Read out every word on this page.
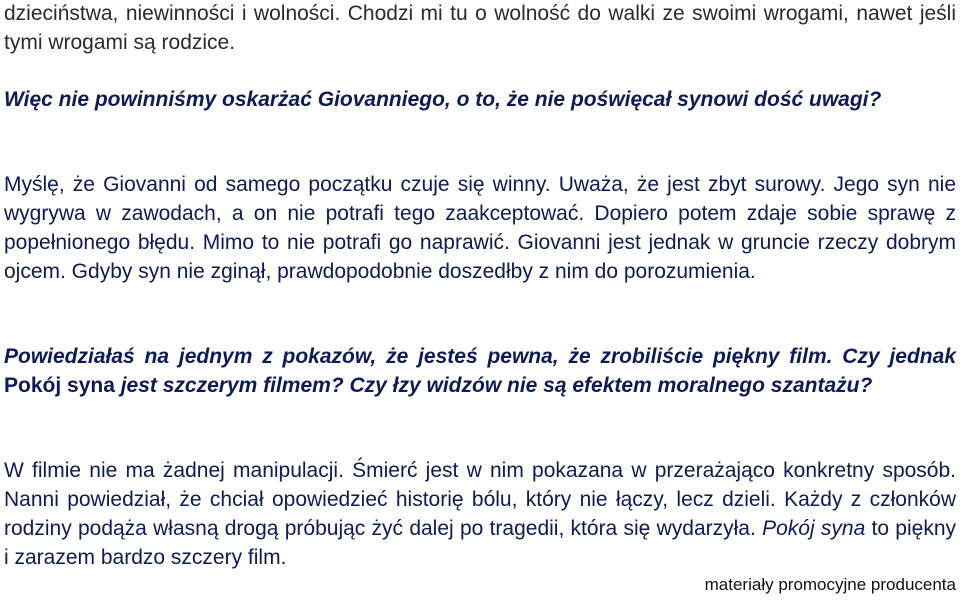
dzieciństwa, niewinności i wolności. Chodzi mi tu o wolność do walki ze swoimi wrogami, nawet jeśli tymi wrogami są rodzice.

Więc nie powinniśmy oskarżać Giovanniego, o to, że nie poświęcał synowi dość uwagi?

Myślę, że Giovanni od samego początku czuje się winny. Uważa, że jest zbyt surowy. Jego syn nie wygrywa w zawodach, a on nie potrafi tego zaakceptować. Dopiero potem zdaje sobie sprawę z popełnionego błędu. Mimo to nie potrafi go naprawić. Giovanni jest jednak w gruncie rzeczy dobrym ojcem. Gdyby syn nie zginął, prawdopodobnie doszedłby z nim do porozumienia.

Powiedziałaś na jednym z pokazów, że jesteś pewna, że zrobiliście piękny film. Czy jednak Pokój syna jest szczerym filmem? Czy łzy widzów nie są efektem moralnego szantażu?

W filmie nie ma żadnej manipulacji. Śmierć jest w nim pokazana w przerażająco konkretny sposób. Nanni powiedział, że chciał opowiedzieć historię bólu, który nie łączy, lecz dzieli. Każdy z członków rodziny podąża własną drogą próbując żyć dalej po tragedii, która się wydarzyła. Pokój syna to piękny i zarazem bardzo szczery film.

materiały promocyjne producenta
